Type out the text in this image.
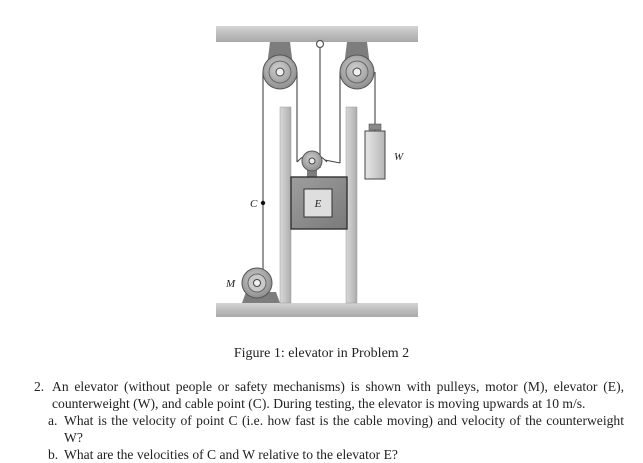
E
W
C
M
Figure 1: elevator in Problem 2
2. An elevator (without people or safety mechanisms) is shown with pulleys, motor (M), elevator (E), counterweight (W), and cable point (C). During testing, the elevator is moving upwards at 10 m/s.
a. What is the velocity of point C (i.e. how fast is the cable moving) and velocity of the counterweight W?
b. What are the velocities of C and W relative to the elevator E?
